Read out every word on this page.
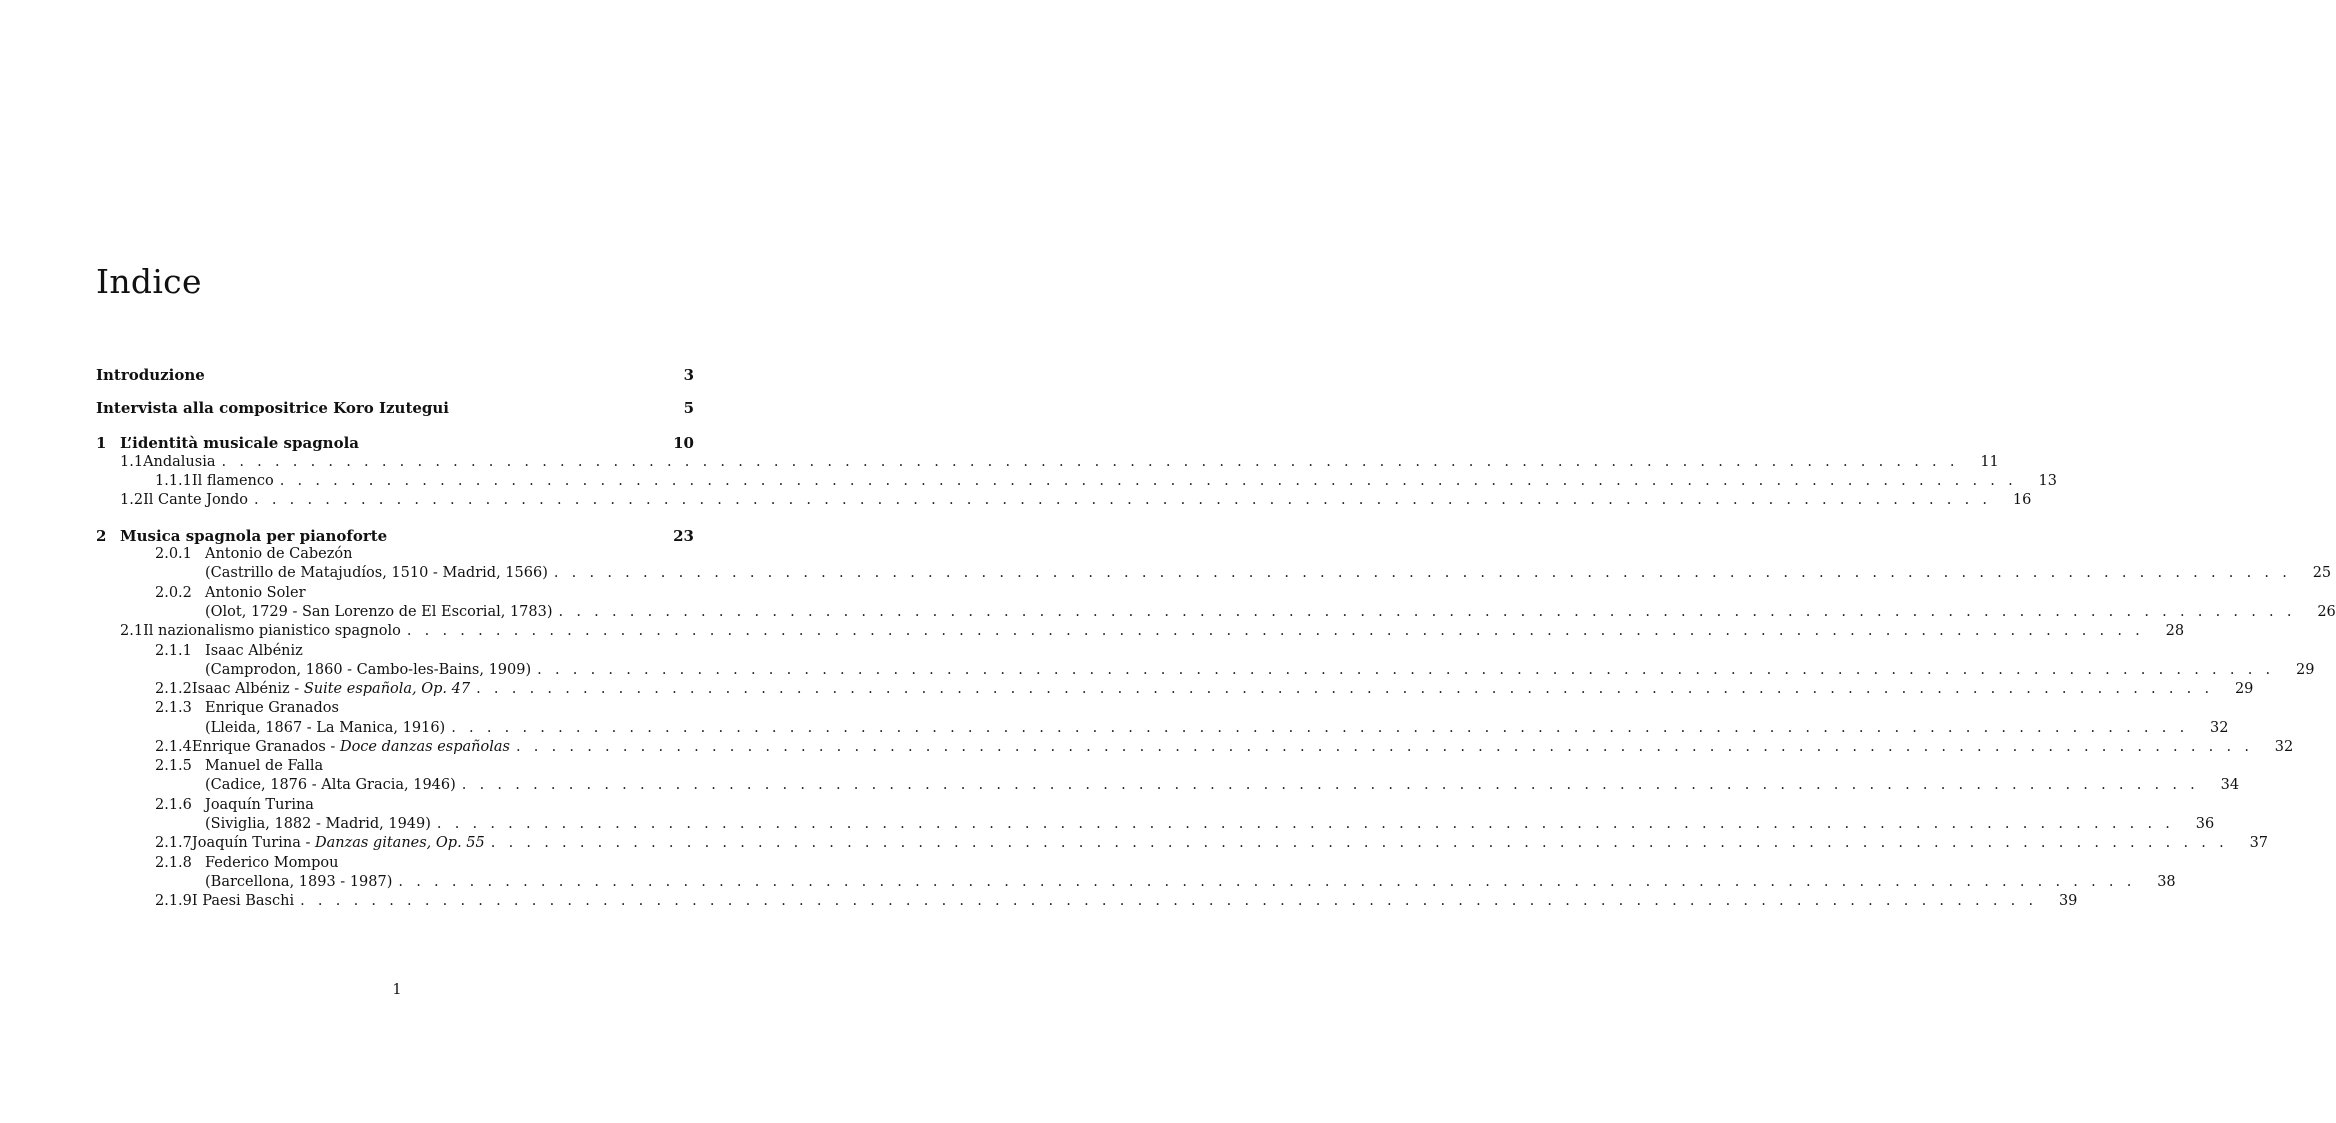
Indice
Introduzione	3
Intervista alla compositrice Koro Izutegui	5
1 L’identità musicale spagnola	10
1.1 Andalusia . . .	11
1.1.1 Il flamenco . . .	13
1.2 Il Cante Jondo . . .	16
2 Musica spagnola per pianoforte	23
2.0.1 Antonio de Cabezón
(Castrillo de Matajudíos, 1510 - Madrid, 1566) . . .	25
2.0.2 Antonio Soler
(Olot, 1729 - San Lorenzo de El Escorial, 1783) . . .	26
2.1 Il nazionalismo pianistico spagnolo . . .	28
2.1.1 Isaac Albéniz
(Camprodon, 1860 - Cambo-les-Bains, 1909) . . .	29
2.1.2 Isaac Albéniz - Suite española, Op. 47 . . .	29
2.1.3 Enrique Granados
(Lleida, 1867 - La Manica, 1916) . . .	32
2.1.4 Enrique Granados - Doce danzas españolas . . .	32
2.1.5 Manuel de Falla
(Cadice, 1876 - Alta Gracia, 1946) . . .	34
2.1.6 Joaquín Turina
(Siviglia, 1882 - Madrid, 1949) . . .	36
2.1.7 Joaquín Turina - Danzas gitanes, Op. 55 . . .	37
2.1.8 Federico Mompou
(Barcellona, 1893 - 1987) . . .	38
2.1.9 I Paesi Baschi . . .	39
1
